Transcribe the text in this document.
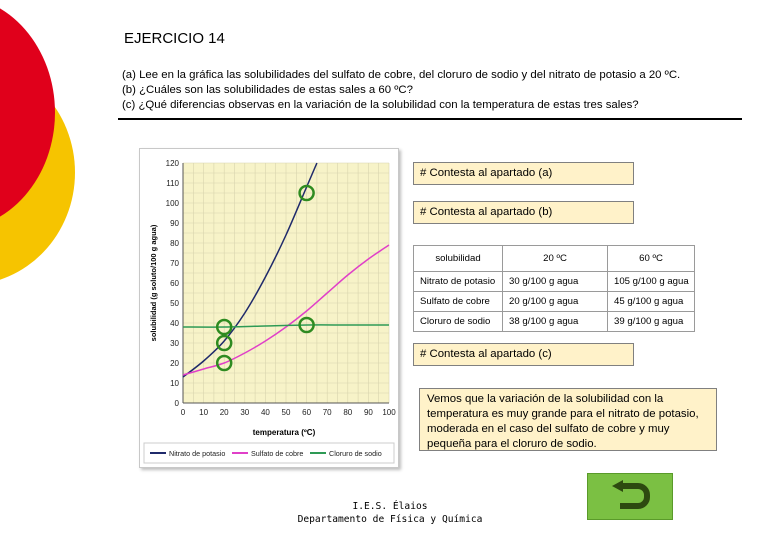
EJERCICIO 14
(a) Lee en la gráfica las solubilidades del sulfato de cobre, del cloruro de sodio y del nitrato de potasio a 20 ºC.
(b) ¿Cuáles son las solubilidades de estas sales a 60 ºC?
(c) ¿Qué diferencias observas en la variación de la solubilidad con la temperatura de estas tres sales?
0 10 20 30 40 50 60 70 80 90 100
0
10
20
30
40
50
60
70
80
90
100
110
120
temperatura (ºC)
solubilidad (g soluto/100 g agua)
Nitrato de potasio	Sulfato de cobre	Cloruro de sodio
# Contesta al apartado (a)
# Contesta al apartado (b)
solubilidad	20 ºC	60 ºC
Nitrato de potasio	30 g/100 g agua	105 g/100 g agua
Sulfato de cobre	20 g/100 g agua	45 g/100 g agua
Cloruro de sodio	38 g/100 g agua	39 g/100 g agua
# Contesta al apartado (c)
Vemos que la variación de la solubilidad con la temperatura es muy grande para el nitrato de potasio, moderada en el caso del sulfato de cobre y muy pequeña para el cloruro de sodio.
I.E.S. Élaios
Departamento de Física y Química
